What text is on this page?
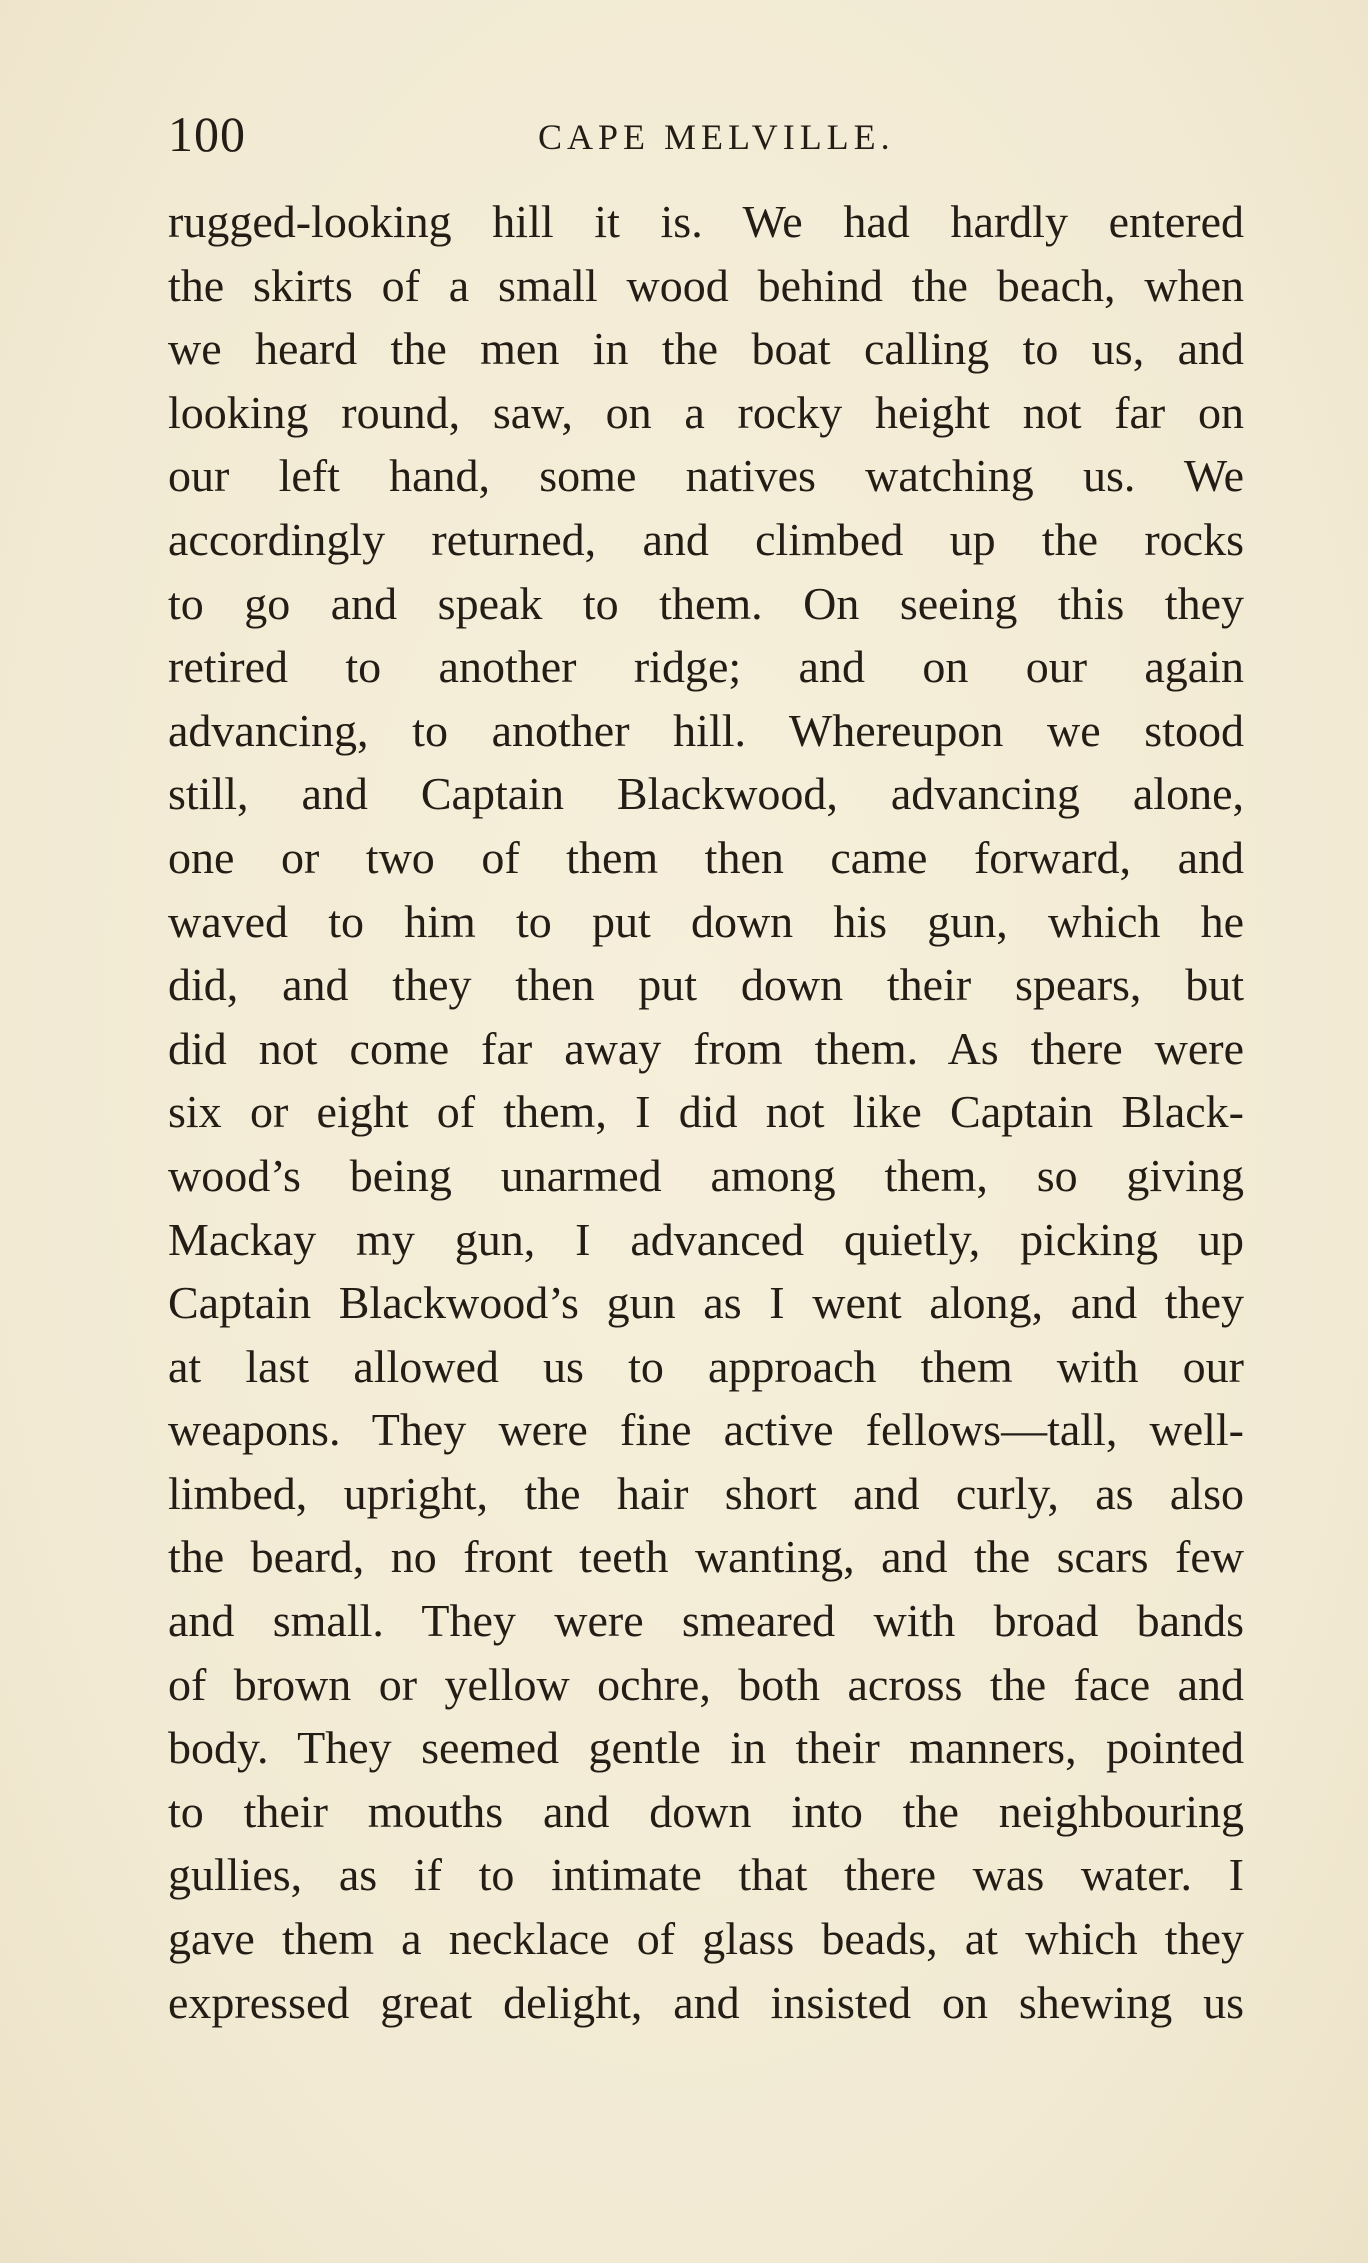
100	CAPE MELVILLE.
rugged-looking hill it is. We had hardly entered
the skirts of a small wood behind the beach, when
we heard the men in the boat calling to us, and
looking round, saw, on a rocky height not far on
our left hand, some natives watching us. We
accordingly returned, and climbed up the rocks
to go and speak to them. On seeing this they
retired to another ridge; and on our again
advancing, to another hill. Whereupon we stood
still, and Captain Blackwood, advancing alone,
one or two of them then came forward, and
waved to him to put down his gun, which he
did, and they then put down their spears, but
did not come far away from them. As there were
six or eight of them, I did not like Captain Black-
wood’s being unarmed among them, so giving
Mackay my gun, I advanced quietly, picking up
Captain Blackwood’s gun as I went along, and they
at last allowed us to approach them with our
weapons. They were fine active fellows—tall, well-
limbed, upright, the hair short and curly, as also
the beard, no front teeth wanting, and the scars few
and small. They were smeared with broad bands
of brown or yellow ochre, both across the face and
body. They seemed gentle in their manners, pointed
to their mouths and down into the neighbouring
gullies, as if to intimate that there was water. I
gave them a necklace of glass beads, at which they
expressed great delight, and insisted on shewing us
